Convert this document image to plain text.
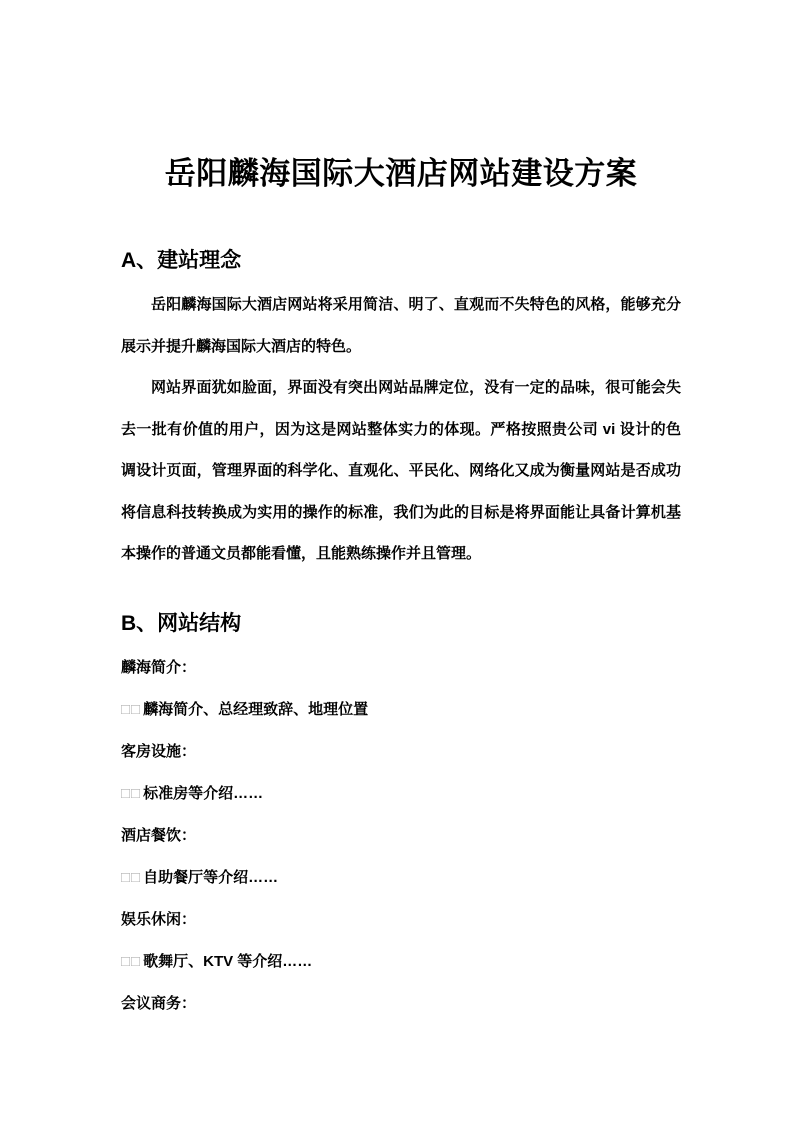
岳阳麟海国际大酒店网站建设方案
A、建站理念

岳阳麟海国际大酒店网站将采用简洁、明了、直观而不失特色的风格，能够充分展示并提升麟海国际大酒店的特色。

网站界面犹如脸面，界面没有突出网站品牌定位，没有一定的品味，很可能会失去一批有价值的用户，因为这是网站整体实力的体现。严格按照贵公司 vi 设计的色调设计页面，管理界面的科学化、直观化、平民化、网络化又成为衡量网站是否成功将信息科技转换成为实用的操作的标准，我们为此的目标是将界面能让具备计算机基本操作的普通文员都能看懂，且能熟练操作并且管理。

B、网站结构
麟海简介：
□□ 麟海简介、总经理致辞、地理位置
客房设施：
□□ 标准房等介绍……
酒店餐饮：
□□ 自助餐厅等介绍……
娱乐休闲：
□□ 歌舞厅、KTV 等介绍……
会议商务：
